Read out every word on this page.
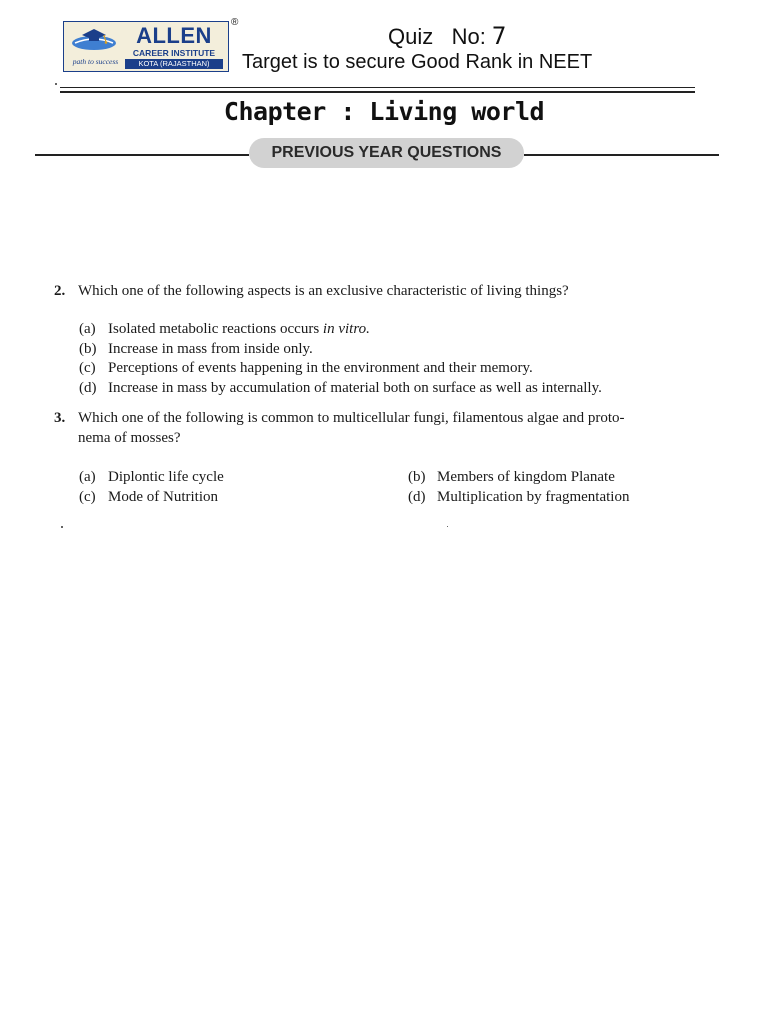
path to success
ALLEN
CAREER INSTITUTE
KOTA (RAJASTHAN)
®
Quiz   No: 7
Target is to secure Good Rank in NEET
Chapter : Living world
PREVIOUS YEAR QUESTIONS
2. Which one of the following aspects is an exclusive characteristic of living things?
(a) Isolated metabolic reactions occurs in vitro.
(b) Increase in mass from inside only.
(c) Perceptions of events happening in the environment and their memory.
(d) Increase in mass by accumulation of material both on surface as well as internally.
3. Which one of the following is common to multicellular fungi, filamentous algae and proto-
nema of mosses?
(a) Diplontic life cycle	(b) Members of kingdom Planate
(c) Mode of Nutrition	(d) Multiplication by fragmentation
